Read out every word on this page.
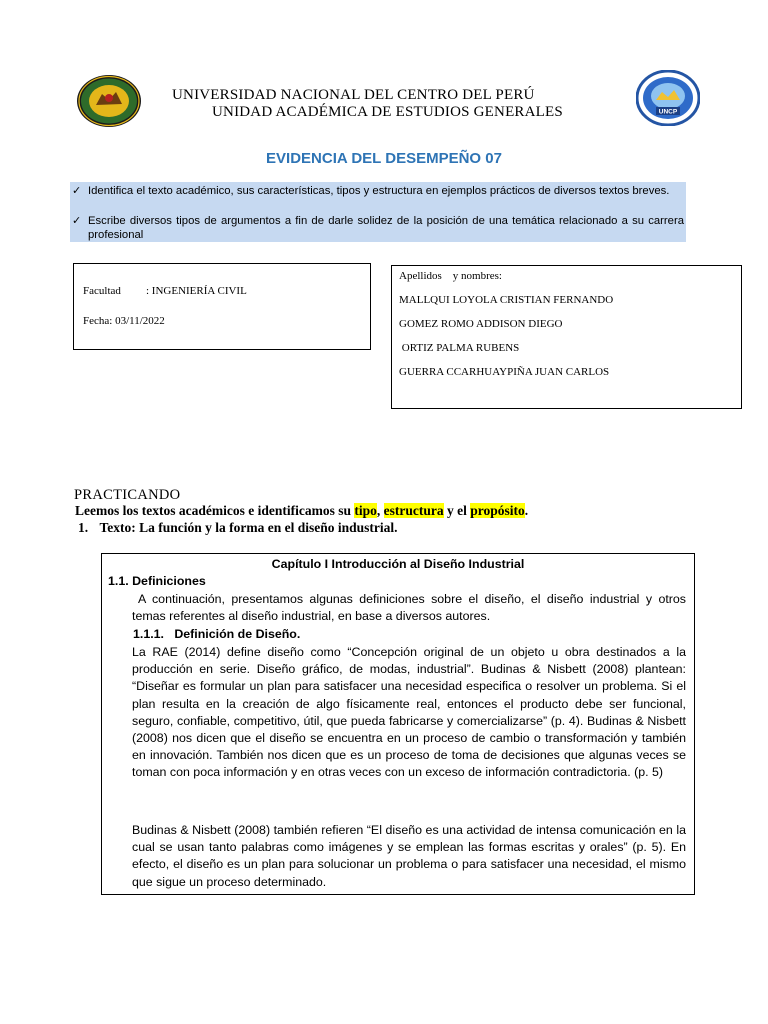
UNIVERSIDAD NACIONAL DEL CENTRO DEL PERÚ
UNIDAD ACADÉMICA DE ESTUDIOS GENERALES	UNCP
EVIDENCIA DEL DESEMPEÑO 07
✓ Identifica el texto académico, sus características, tipos y estructura en ejemplos prácticos de diversos textos breves.
✓ Escribe diversos tipos de argumentos a fin de darle solidez de la posición de una temática relacionado a su carrera profesional
Facultad : INGENIERÍA CIVIL
Fecha: 03/11/2022
Apellidos    y nombres:
MALLQUI LOYOLA CRISTIAN FERNANDO
GOMEZ ROMO ADDISON DIEGO
ORTIZ PALMA RUBENS
GUERRA CCARHUAYPIÑA JUAN CARLOS
PRACTICANDO
Leemos los textos académicos e identificamos su tipo, estructura y el propósito.
1. Texto: La función y la forma en el diseño industrial.
Capítulo I Introducción al Diseño Industrial
1.1. Definiciones
A continuación, presentamos algunas definiciones sobre el diseño, el diseño industrial y otros temas referentes al diseño industrial, en base a diversos autores.
1.1.1.   Definición de Diseño.
La RAE (2014) define diseño como “Concepción original de un objeto u obra destinados a la producción en serie. Diseño gráfico, de modas, industrial”. Budinas & Nisbett (2008) plantean: “Diseñar es formular un plan para satisfacer una necesidad especifica o resolver un problema. Si el plan resulta en la creación de algo físicamente real, entonces el producto debe ser funcional, seguro, confiable, competitivo, útil, que pueda fabricarse y comercializarse” (p. 4). Budinas & Nisbett (2008) nos dicen que el diseño se encuentra en un proceso de cambio o transformación y también en innovación. También nos dicen que es un proceso de toma de decisiones que algunas veces se toman con poca información y en otras veces con un exceso de información contradictoria. (p. 5)
Budinas & Nisbett (2008) también refieren “El diseño es una actividad de intensa comunicación en la cual se usan tanto palabras como imágenes y se emplean las formas escritas y orales” (p. 5). En efecto, el diseño es un plan para solucionar un problema o para satisfacer una necesidad, el mismo que sigue un proceso determinado.
